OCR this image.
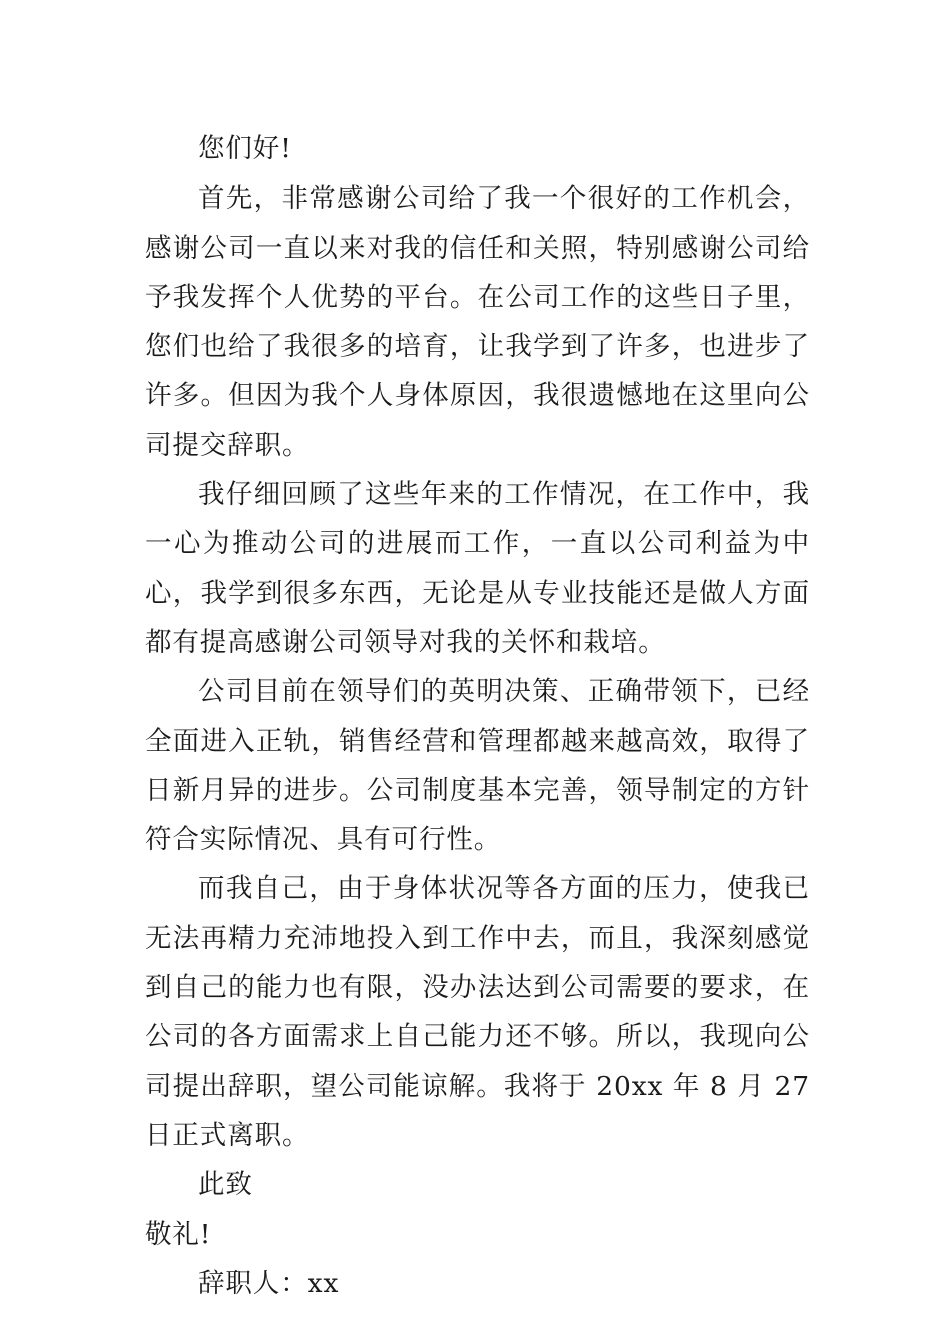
您们好!

首先，非常感谢公司给了我一个很好的工作机会，感谢公司一直以来对我的信任和关照，特别感谢公司给予我发挥个人优势的平台。在公司工作的这些日子里，您们也给了我很多的培育，让我学到了许多，也进步了许多。但因为我个人身体原因，我很遗憾地在这里向公司提交辞职。

我仔细回顾了这些年来的工作情况，在工作中，我一心为推动公司的进展而工作，一直以公司利益为中心，我学到很多东西，无论是从专业技能还是做人方面都有提高感谢公司领导对我的关怀和栽培。

公司目前在领导们的英明决策、正确带领下，已经全面进入正轨，销售经营和管理都越来越高效，取得了日新月异的进步。公司制度基本完善，领导制定的方针符合实际情况、具有可行性。

而我自己，由于身体状况等各方面的压力，使我已无法再精力充沛地投入到工作中去，而且，我深刻感觉到自己的能力也有限，没办法达到公司需要的要求，在公司的各方面需求上自己能力还不够。所以，我现向公司提出辞职，望公司能谅解。我将于 20xx 年 8 月 27 日正式离职。

此致

敬礼!

辞职人：xx
